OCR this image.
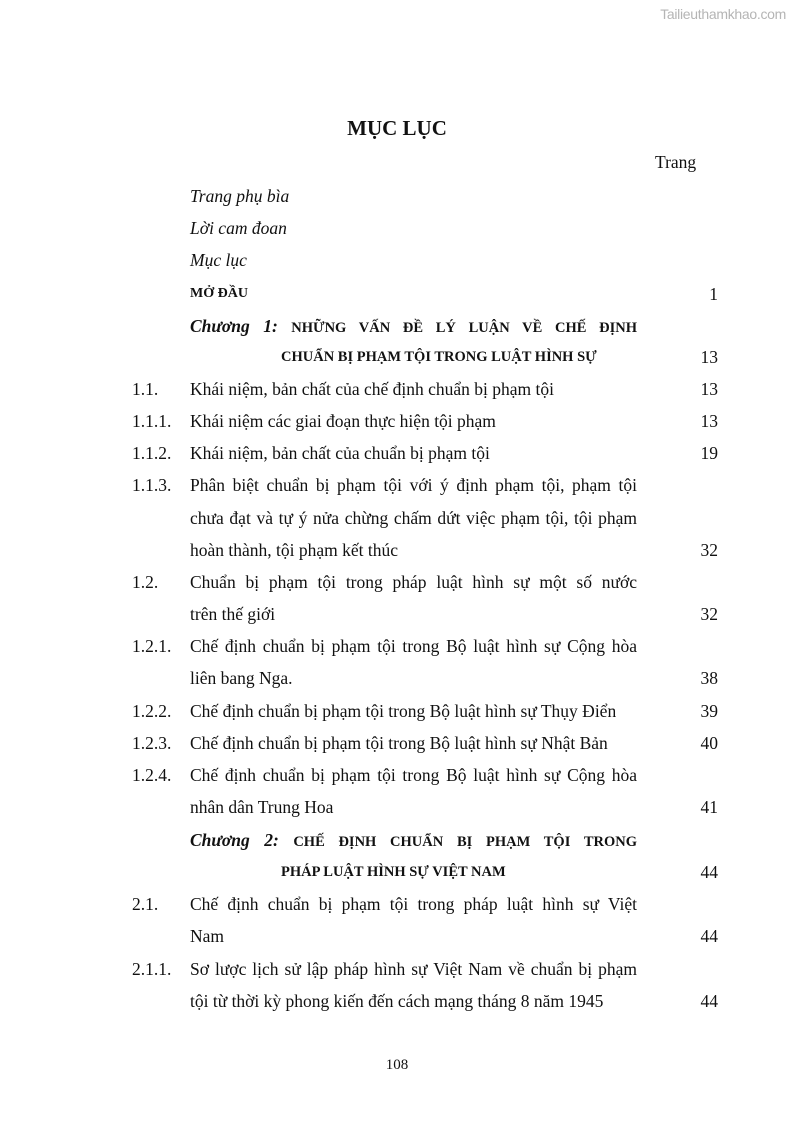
Tailieuthamkhao.com
MỤC LỤC
Trang
Trang phụ bìa
Lời cam đoan
Mục lục
MỞ ĐẦU	1
Chương 1: NHỮNG VẤN ĐỀ LÝ LUẬN VỀ CHẾ ĐỊNH
CHUẨN BỊ PHẠM TỘI TRONG LUẬT HÌNH SỰ	13
1.1. Khái niệm, bản chất của chế định chuẩn bị phạm tội	13
1.1.1. Khái niệm các giai đoạn thực hiện tội phạm	13
1.1.2. Khái niệm, bản chất của chuẩn bị phạm tội	19
1.1.3. Phân biệt chuẩn bị phạm tội với ý định phạm tội, phạm tội
chưa đạt và tự ý nửa chừng chấm dứt việc phạm tội, tội phạm
hoàn thành, tội phạm kết thúc	32
1.2. Chuẩn bị phạm tội trong pháp luật hình sự một số nước
trên thế giới	32
1.2.1. Chế định chuẩn bị phạm tội trong Bộ luật hình sự Cộng hòa
liên bang Nga.	38
1.2.2. Chế định chuẩn bị phạm tội trong Bộ luật hình sự Thụy Điển	39
1.2.3. Chế định chuẩn bị phạm tội trong Bộ luật hình sự Nhật Bản	40
1.2.4. Chế định chuẩn bị phạm tội trong Bộ luật hình sự Cộng hòa
nhân dân Trung Hoa	41
Chương 2: CHẾ ĐỊNH CHUẨN BỊ PHẠM TỘI TRONG
PHÁP LUẬT HÌNH SỰ VIỆT NAM	44
2.1. Chế định chuẩn bị phạm tội trong pháp luật hình sự Việt
Nam	44
2.1.1. Sơ lược lịch sử lập pháp hình sự Việt Nam về chuẩn bị phạm
tội từ thời kỳ phong kiến đến cách mạng tháng 8 năm 1945	44
108
